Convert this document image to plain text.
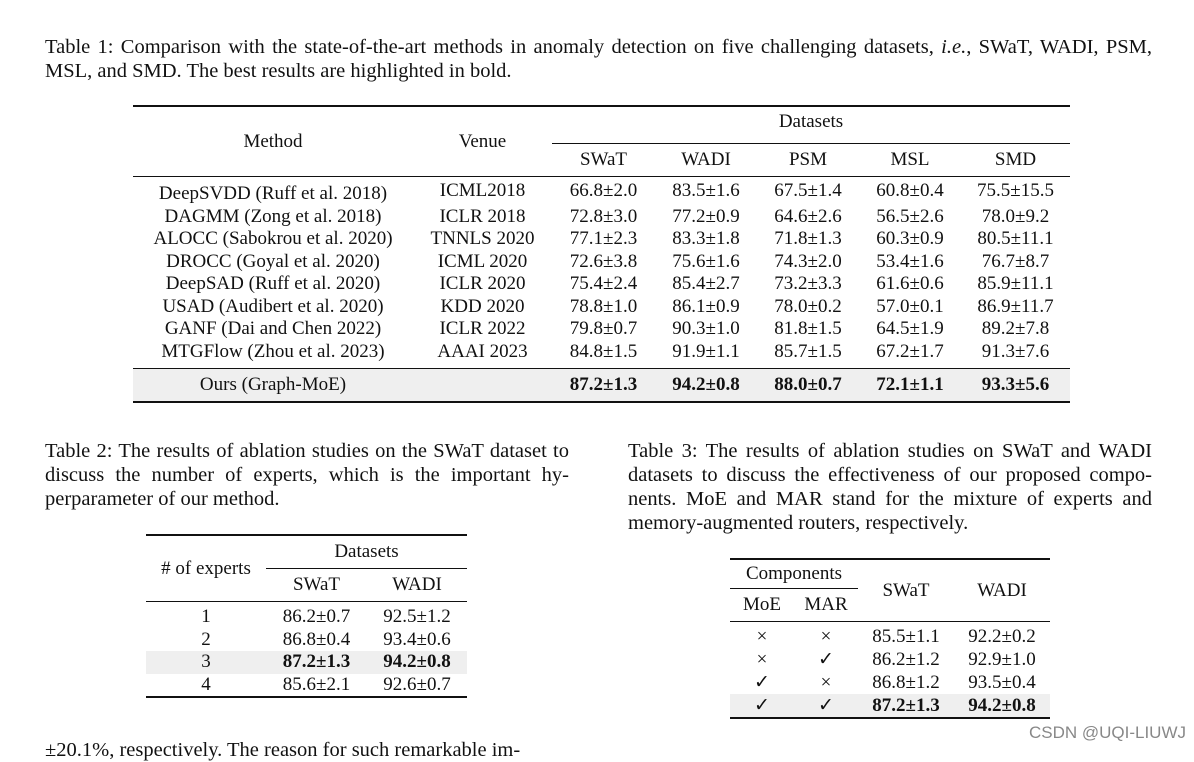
Table 1: Comparison with the state-of-the-art methods in anomaly detection on five challenging datasets, i.e., SWaT, WADI, PSM, MSL, and SMD. The best results are highlighted in bold.
Method	Venue	Datasets				
		SWaT	WADI	PSM	MSL	SMD
DeepSVDD (Ruff et al. 2018)	ICML2018	66.8±2.0	83.5±1.6	67.5±1.4	60.8±0.4	75.5±15.5
DAGMM (Zong et al. 2018)	ICLR 2018	72.8±3.0	77.2±0.9	64.6±2.6	56.5±2.6	78.0±9.2
ALOCC (Sabokrou et al. 2020)	TNNLS 2020	77.1±2.3	83.3±1.8	71.8±1.3	60.3±0.9	80.5±11.1
DROCC (Goyal et al. 2020)	ICML 2020	72.6±3.8	75.6±1.6	74.3±2.0	53.4±1.6	76.7±8.7
DeepSAD (Ruff et al. 2020)	ICLR 2020	75.4±2.4	85.4±2.7	73.2±3.3	61.6±0.6	85.9±11.1
USAD (Audibert et al. 2020)	KDD 2020	78.8±1.0	86.1±0.9	78.0±0.2	57.0±0.1	86.9±11.7
GANF (Dai and Chen 2022)	ICLR 2022	79.8±0.7	90.3±1.0	81.8±1.5	64.5±1.9	89.2±7.8
MTGFlow (Zhou et al. 2023)	AAAI 2023	84.8±1.5	91.9±1.1	85.7±1.5	67.2±1.7	91.3±7.6
Ours (Graph-MoE)		87.2±1.3	94.2±0.8	88.0±0.7	72.1±1.1	93.3±5.6
Table 2: The results of ablation studies on the SWaT dataset to discuss the number of experts, which is the important hy-perparameter of our method.
# of experts	Datasets	
	SWaT	WADI
1	86.2±0.7	92.5±1.2
2	86.8±0.4	93.4±0.6
3	87.2±1.3	94.2±0.8
4	85.6±2.1	92.6±0.7
Table 3: The results of ablation studies on SWaT and WADI datasets to discuss the effectiveness of our proposed compo-nents. MoE and MAR stand for the mixture of experts and memory-augmented routers, respectively.
Components		SWaT	WADI
MoE	MAR		
×	×	85.5±1.1	92.2±0.2
×	✓	86.2±1.2	92.9±1.0
✓	×	86.8±1.2	93.5±0.4
✓	✓	87.2±1.3	94.2±0.8
±20.1%, respectively. The reason for such remarkable im-
CSDN @UQI-LIUWJ
